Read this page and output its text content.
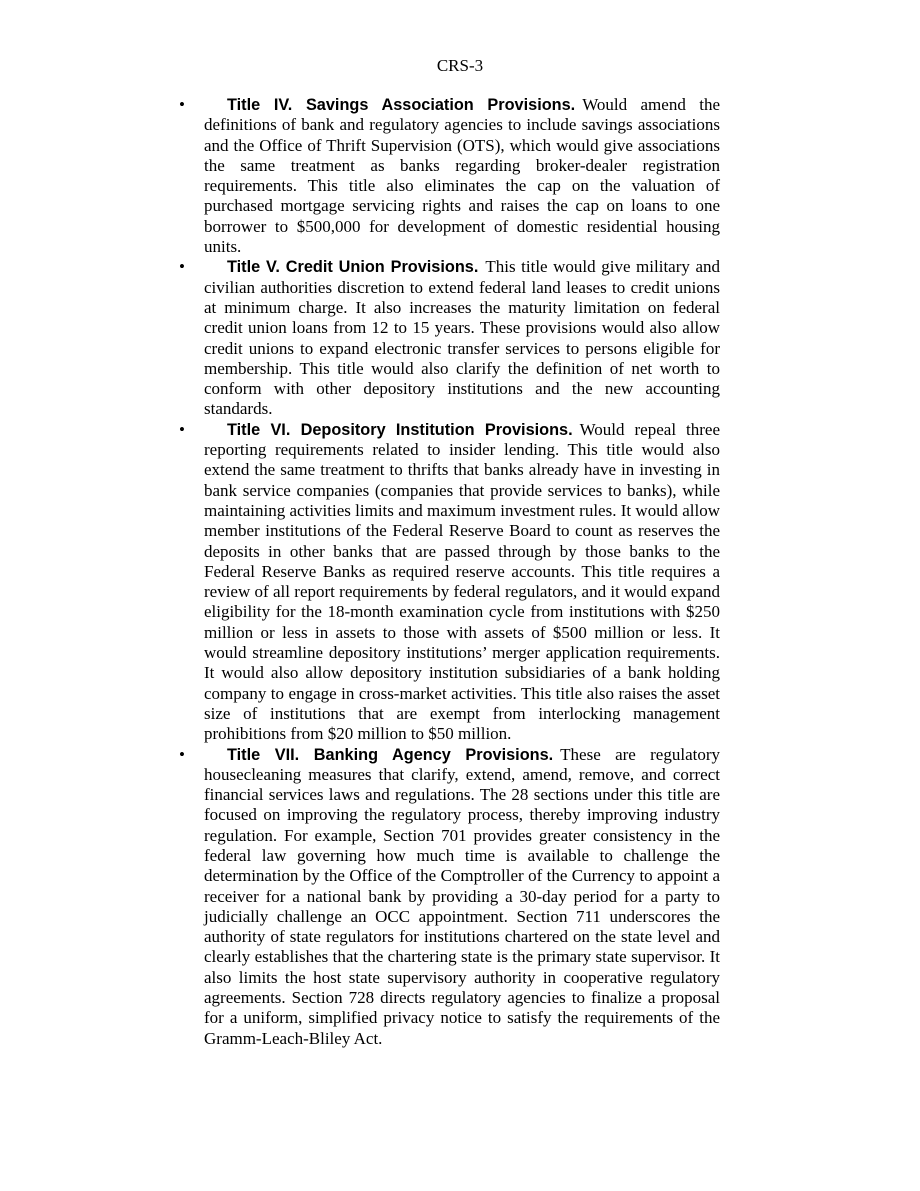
CRS-3
•	Title IV. Savings Association Provisions. Would amend the definitions of bank and regulatory agencies to include savings associations and the Office of Thrift Supervision (OTS), which would give associations the same treatment as banks regarding broker-dealer registration requirements. This title also eliminates the cap on the valuation of purchased mortgage servicing rights and raises the cap on loans to one borrower to $500,000 for development of domestic residential housing units.
•	Title V. Credit Union Provisions. This title would give military and civilian authorities discretion to extend federal land leases to credit unions at minimum charge. It also increases the maturity limitation on federal credit union loans from 12 to 15 years. These provisions would also allow credit unions to expand electronic transfer services to persons eligible for membership. This title would also clarify the definition of net worth to conform with other depository institutions and the new accounting standards.
•	Title VI. Depository Institution Provisions. Would repeal three reporting requirements related to insider lending. This title would also extend the same treatment to thrifts that banks already have in investing in bank service companies (companies that provide services to banks), while maintaining activities limits and maximum investment rules. It would allow member institutions of the Federal Reserve Board to count as reserves the deposits in other banks that are passed through by those banks to the Federal Reserve Banks as required reserve accounts. This title requires a review of all report requirements by federal regulators, and it would expand eligibility for the 18-month examination cycle from institutions with $250 million or less in assets to those with assets of $500 million or less. It would streamline depository institutions’ merger application requirements. It would also allow depository institution subsidiaries of a bank holding company to engage in cross-market activities. This title also raises the asset size of institutions that are exempt from interlocking management prohibitions from $20 million to $50 million.
•	Title VII. Banking Agency Provisions. These are regulatory housecleaning measures that clarify, extend, amend, remove, and correct financial services laws and regulations. The 28 sections under this title are focused on improving the regulatory process, thereby improving industry regulation. For example, Section 701 provides greater consistency in the federal law governing how much time is available to challenge the determination by the Office of the Comptroller of the Currency to appoint a receiver for a national bank by providing a 30-day period for a party to judicially challenge an OCC appointment. Section 711 underscores the authority of state regulators for institutions chartered on the state level and clearly establishes that the chartering state is the primary state supervisor. It also limits the host state supervisory authority in cooperative regulatory agreements. Section 728 directs regulatory agencies to finalize a proposal for a uniform, simplified privacy notice to satisfy the requirements of the Gramm-Leach-Bliley Act.
